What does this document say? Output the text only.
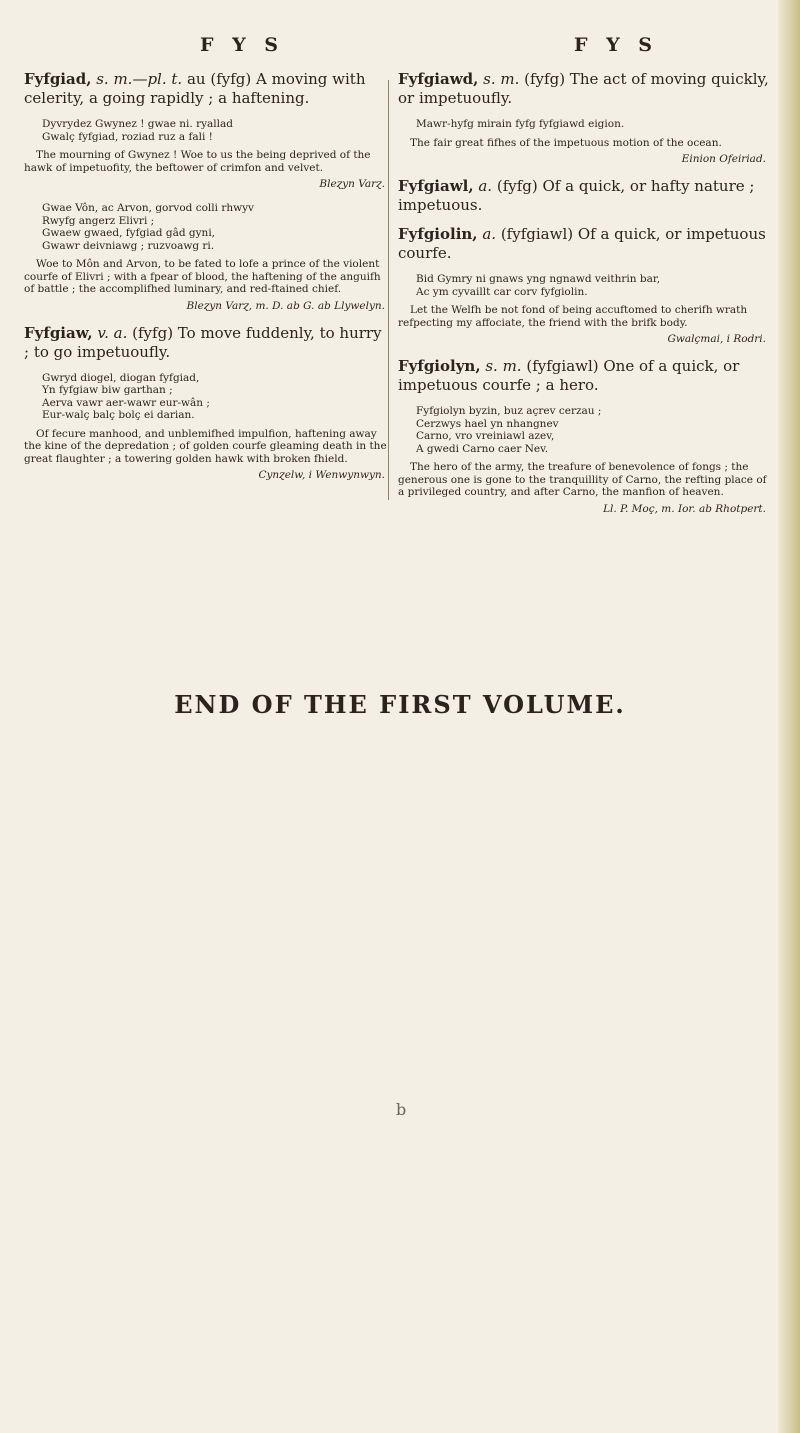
F Y S	F Y S

Fyfgiad, s. m.—pl. t. au (fyfg) A moving with celerity, a going rapidly ; a haftening.

Dyvrydez Gwynez ! gwae ni. ryallad
Gwalç fyfgiad, roziad ruz a fali !

The mourning of Gwynez ! Woe to us the being deprived of the hawk of impetuofity, the beftower of crimfon and velvet.

Bleɀyn Varɀ.
Gwae Vôn, ac Arvon, gorvod colli rhwyv
Rwyfg angerz Elivri ;
Gwaew gwaed, fyfgiad gâd gyni,
Gwawr deivniawg ; ruzvoawg ri.

Woe to Môn and Arvon, to be fated to lofe a prince of the violent courfe of Elivri ; with a fpear of blood, the haftening of the anguifh of battle ; the accomplifhed luminary, and red-ftained chief.

Bleɀyn Varɀ, m. D. ab G. ab Llywelyn.

Fyfgiaw, v. a. (fyfg) To move fuddenly, to hurry ; to go impetuoufly.

Gwryd diogel, diogan fyfgiad,
Yn fyfgiaw biw garthan ;
Aerva vawr aer-wawr eur-wân ;
Eur-walç balç bolç ei darian.

Of fecure manhood, and unblemifhed impulfion, haftening away the kine of the depredation ; of golden courfe gleaming death in the great flaughter ; a towering golden hawk with broken fhield.

Cynɀelw, i Wenwynwyn.

Fyfgiawd, s. m. (fyfg) The act of moving quickly, or impetuoufly.

Mawr-hyfg mirain fyfg fyfgiawd eigion.

The fair great fifhes of the impetuous motion of the ocean.

Einion Ofeiriad.

Fyfgiawl, a. (fyfg) Of a quick, or hafty nature ; impetuous.

Fyfgiolin, a. (fyfgiawl) Of a quick, or impetuous courfe.

Bid Gymry ni gnaws yng ngnawd veithrin bar,
Ac ym cyvaillt car corv fyfgiolin.

Let the Welfh be not fond of being accuftomed to cherifh wrath refpecting my affociate, the friend with the brifk body.

Gwalçmai, i Rodri.

Fyfgiolyn, s. m. (fyfgiawl) One of a quick, or impetuous courfe ; a hero.

Fyfgiolyn byzin, buz açrev cerzau ;
Cerzwys hael yn nhangnev
Carno, vro vreiniawl azev,
A gwedi Carno caer Nev.

The hero of the army, the treafure of benevolence of fongs ; the generous one is gone to the tranquillity of Carno, the refting place of a privileged country, and after Carno, the manfion of heaven.

Ll. P. Moç, m. Ior. ab Rhotpert.
END OF THE FIRST VOLUME.
b
